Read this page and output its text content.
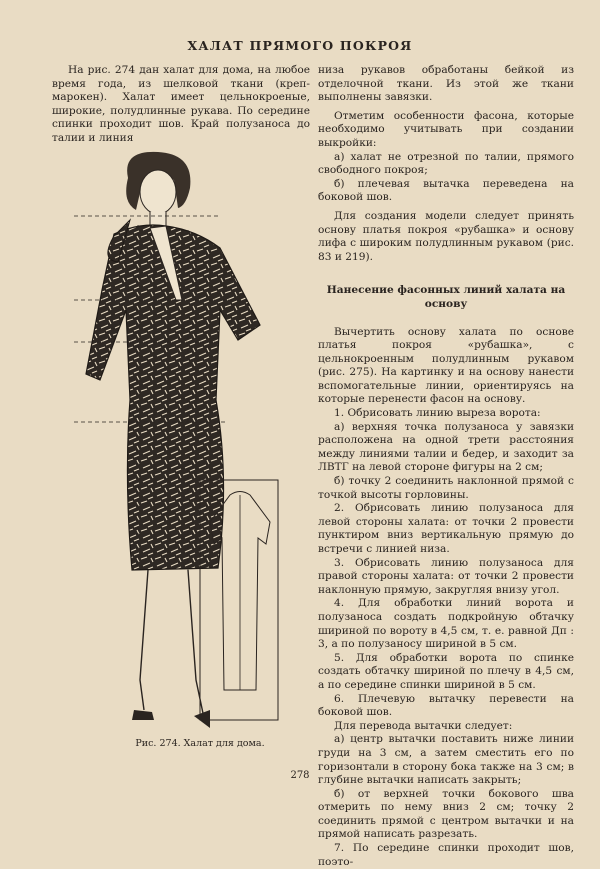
ХАЛАТ ПРЯМОГО ПОКРОЯ

На рис. 274 дан халат для дома, на любое время года, из шелковой ткани (креп-марокен). Халат имеет цельнокроеные, широкие, полудлинные рукава. По середине спинки проходит шов. Край полузаноса до талии и линия

Рис. 274. Халат для дома.

низа рукавов обработаны бейкой из отделочной ткани. Из этой же ткани выполнены завязки.

Отметим особенности фасона, которые необходимо учитывать при создании выкройки:

а) халат не отрезной по талии, прямого свободного покроя;

б) плечевая вытачка переведена на боковой шов.

Для создания модели следует принять основу платья покроя «рубашка» и основу лифа с широким полудлинным рукавом (рис. 83 и 219).

Нанесение фасонных линий халата на основу

Вычертить основу халата по основе платья покроя «рубашка», с цельнокроенным полудлинным рукавом (рис. 275). На картинку и на основу нанести вспомогательные линии, ориентируясь на которые перенести фасон на основу.

1. Обрисовать линию выреза ворота:

а) верхняя точка полузаноса у завязки расположена на одной трети расстояния между линиями талии и бедер, и заходит за ЛВТГ на левой стороне фигуры на 2 см;

б) точку 2 соединить наклонной прямой с точкой высоты горловины.

2. Обрисовать линию полузаноса для левой стороны халата: от точки 2 провести пунктиром вниз вертикальную прямую до встречи с линией низа.

3. Обрисовать линию полузаноса для правой стороны халата: от точки 2 провести наклонную прямую, закругляя внизу угол.

4. Для обработки линий ворота и полузаноса создать подкройную обтачку шириной по вороту в 4,5 см, т. е. равной Дп : 3, а по полузаносу шириной в 5 см.

5. Для обработки ворота по спинке создать обтачку шириной по плечу в 4,5 см, а по середине спинки шириной в 5 см.

6. Плечевую вытачку перевести на боковой шов.

Для перевода вытачки следует:

а) центр вытачки поставить ниже линии груди на 3 см, а затем сместить его по горизонтали в сторону бока также на 3 см; в глубине вытачки написать закрыть;

б) от верхней точки бокового шва отмерить по нему вниз 2 см; точку 2 соединить прямой с центром вытачки и на прямой написать разрезать.

7. По середине спинки проходит шов, поэто-

278
